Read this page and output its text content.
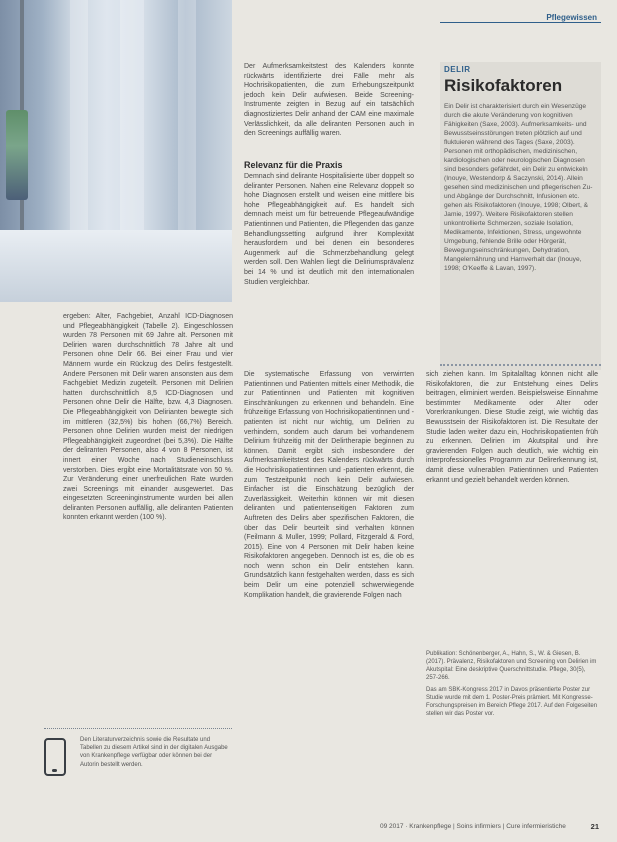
Pflegewissen

ergeben: Alter, Fachgebiet, Anzahl ICD-Diagnosen und Pflegeabhängigkeit (Tabelle 2). Eingeschlossen wurden 78 Personen mit 69 Jahre alt. Personen mit Delirien waren durchschnittlich 78 Jahre alt und Personen ohne Delir 66. Bei einer Frau und vier Männern wurde ein Rückzug des Delirs festgestellt. Andere Personen mit Delir waren ansonsten aus dem Fachgebiet Medizin zugeteilt. Personen mit Delirien hatten durchschnittlich 8,5 ICD-Diagnosen und Personen ohne Delir die Hälfte, bzw. 4,3 Diagnosen. Die Pflegeabhängigkeit von Delirianten bewegte sich im mittleren (32,5%) bis hohen (66,7%) Bereich. Personen ohne Delirien wurden meist der niedrigen Pflegeabhängigkeit zugeordnet (bei 5,3%). Die Hälfte der deliranten Personen, also 4 von 8 Personen, ist innert einer Woche nach Studieneinschluss verstorben. Dies ergibt eine Mortalitätsrate von 50 %. Zur Veränderung einer unerfreulichen Rate wurden zwei Screenings mit einander ausgewertet. Das eingesetzten Screeninginstrumente wurden bei allen deliranten Personen auffällig, alle deliranten Patienten konnten erkannt werden (100 %).

Der Aufmerksamkeitstest des Kalenders konnte rückwärts identifizierte drei Fälle mehr als Hochrisikopatienten, die zum Erhebungszeitpunkt jedoch kein Delir aufwiesen. Beide Screening-Instrumente zeigten in Bezug auf ein tatsächlich diagnostiziertes Delir anhand der CAM eine maximale Verlässlichkeit, da alle deliranten Personen auch in den Screenings auffällig waren.

Relevanz für die Praxis

Demnach sind delirante Hospitalisierte über doppelt so deliranter Personen. Nahen eine Relevanz doppelt so hohe Diagnosen erstellt und weisen eine mittlere bis hohe Pflegeabhängigkeit auf. Es handelt sich demnach meist um für betreuende Pflegeaufwändige Patientinnen und Patienten, die Pflegenden das ganze Behandlungssetting aufgrund ihrer Komplexität herausfordern und bei denen ein besonderes Augenmerk auf die Schmerzbehandlung gelegt werden soll. Den Wahlen liegt die Deliriumsprävalenz bei 14 % und ist deutlich mit den internationalen Studien vergleichbar.

Die systematische Erfassung von verwirrten Patientinnen und Patienten mittels einer Methodik, die zur Patientinnen und Patienten mit kognitiven Einschränkungen zu erkennen und behandeln. Eine frühzeitige Erfassung von Hochrisikopatientinnen und -patienten ist nicht nur wichtig, um Delirien zu verhindern, sondern auch darum bei vorhandenem Delirium frühzeitig mit der Delirtherapie beginnen zu können. Damit ergibt sich insbesondere der Aufmerksamkeitstest des Kalenders rückwärts durch die Hochrisikopatientinnen und -patienten erkennt, die zum Testzeitpunkt noch kein Delir aufwiesen. Einfacher ist die Einschätzung bezüglich der Zuverlässigkeit. Weiterhin können wir mit diesen deliranten und patientenseitigen Faktoren zum Auftreten des Delirs aber spezifischen Faktoren, die über das Delir beurteilt sind verhalten können (Feilmann & Muller, 1999; Pollard, Fitzgerald & Ford, 2015). Eine von 4 Personen mit Delir haben keine Risikofaktoren angegeben. Dennoch ist es, die ob es noch wenn schon ein Delir entstehen kann. Grundsätzlich kann festgehalten werden, dass es sich beim Delir um eine potenziell schwerwiegende Komplikation handelt, die gravierende Folgen nach

DELIR
Risikofaktoren
Ein Delir ist charakterisiert durch ein Wesenzüge durch die akute Veränderung von kognitiven Fähigkeiten (Saxe, 2003). Aufmerksamkeits- und Bewusstseinsstörungen treten plötzlich auf und fluktuieren während des Tages (Saxe, 2003). Personen mit orthopädischen, medizinischen, kardiologischen oder neurologischen Diagnosen sind besonders gefährdet, ein Delir zu entwickeln (Inouye, Westendorp & Saczynski, 2014). Allein gesehen sind medizinischen und pflegerischen Zu- und Abgänge der Durchschnitt, Infusionen etc. gehen als Risikofaktoren (Inouye, 1998; Olbert, & Jamie, 1997). Weitere Risikofaktoren stellen unkontrollierte Schmerzen, soziale Isolation, Medikamente, Infektionen, Stress, ungewohnte Umgebung, fehlende Brille oder Hörgerät, Bewegungseinschränkungen, Dehydration, Mangelernährung und Harnverhalt dar (Inouye, 1998; O'Keeffe & Lavan, 1997).

sich ziehen kann. Im Spitalalltag können nicht alle Risikofaktoren, die zur Entstehung eines Delirs beitragen, eliminiert werden. Beispielsweise Einnahme bestimmter Medikamente oder Alter oder Vorerkrankungen. Diese Studie zeigt, wie wichtig das Bewusstsein der Risikofaktoren ist. Die Resultate der Studie laden weiter dazu ein, Hochrisikopatienten früh zu erkennen. Delirien im Akutspital und ihre gravierenden Folgen auch deutlich, wie wichtig ein interprofessionelles Programm zur Delirerkennung ist, damit diese vulnerablen Patientinnen und Patienten erkannt und gezielt behandelt werden können.

Publikation: Schönenberger, A., Hahn, S., W. & Giesen, B. (2017). Prävalenz, Risikofaktoren und Screening von Delirien im Akutspital: Eine deskriptive Querschnittstudie. Pflege, 30(5), 257-266.

Das am SBK-Kongress 2017 in Davos präsentierte Poster zur Studie wurde mit dem 1. Poster-Preis prämiert. Mit Kongresse-Forschungspreisen im Bereich Pflege 2017. Auf den Folgeseiten stellen wir das Poster vor.

Den Literaturverzeichnis sowie die Resultate und Tabellen zu diesem Artikel sind in der digitalen Ausgabe von Krankenpflege verfügbar oder können bei der Autorin bestellt werden.
09 2017 · Krankenpflege | Soins infirmiers | Cure infermieristiche	21
